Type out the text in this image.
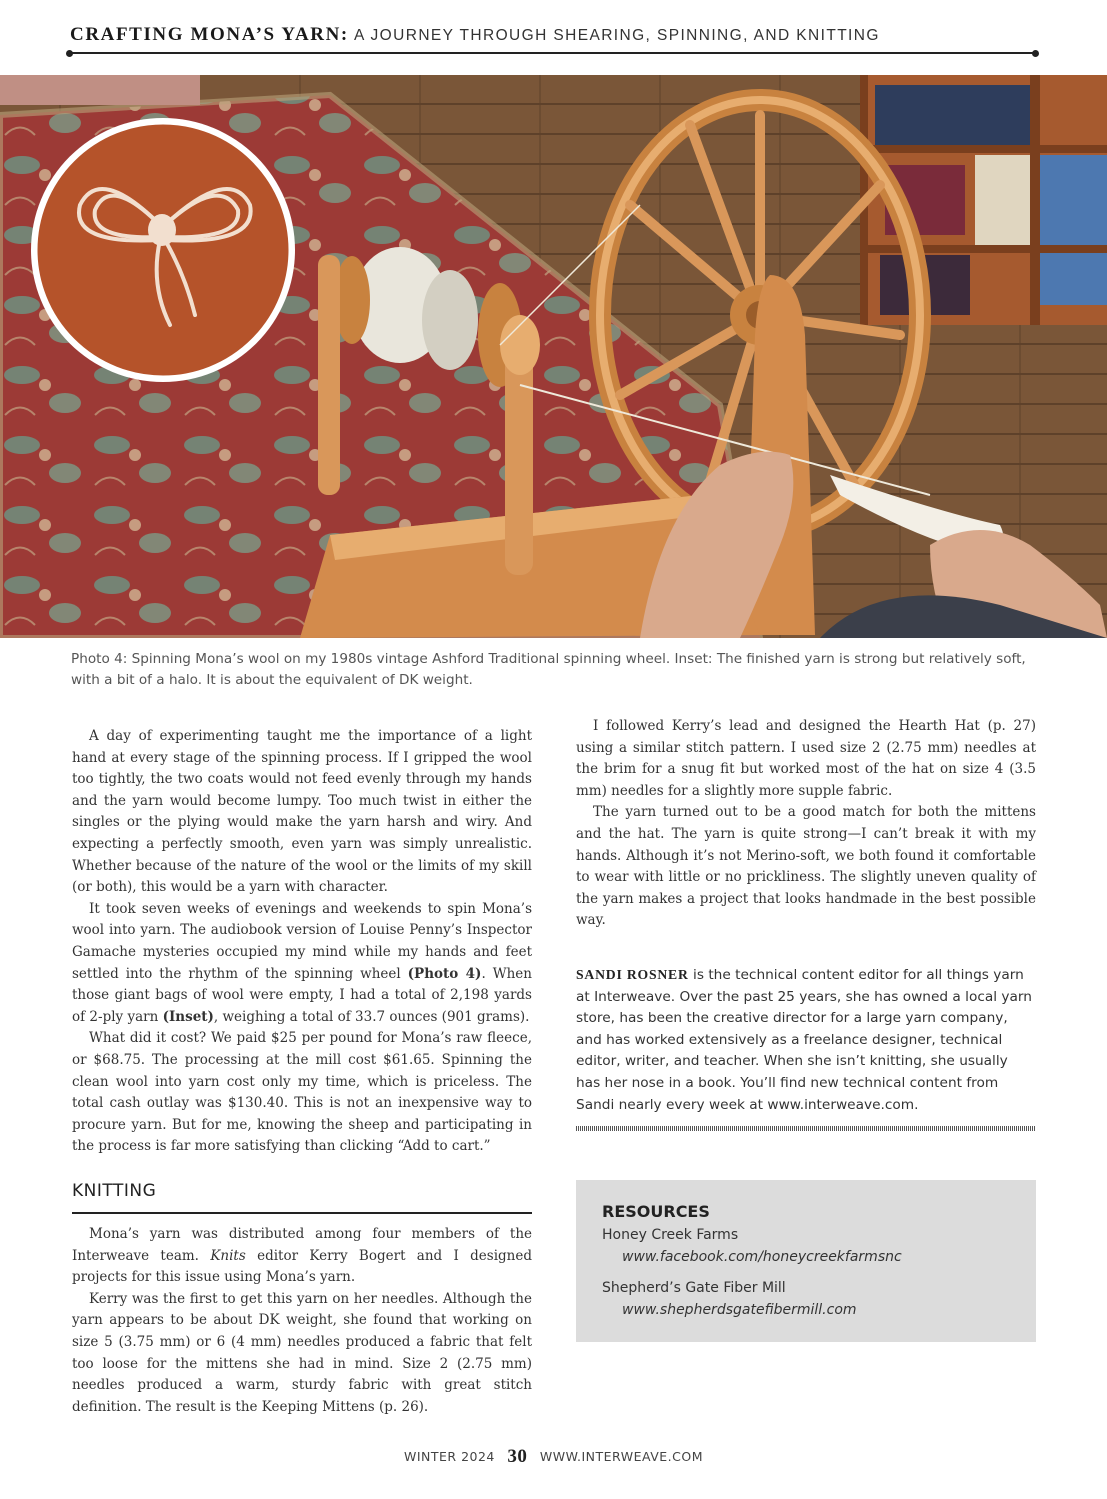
CRAFTING MONA’S YARN: A JOURNEY THROUGH SHEARING, SPINNING, AND KNITTING
Photo 4: Spinning Mona’s wool on my 1980s vintage Ashford Traditional spinning wheel. Inset: The finished yarn is strong but relatively soft, with a bit of a halo. It is about the equivalent of DK weight.

A day of experimenting taught me the importance of a light hand at every stage of the spinning process. If I gripped the wool too tightly, the two coats would not feed evenly through my hands and the yarn would become lumpy. Too much twist in either the singles or the plying would make the yarn harsh and wiry. And expecting a perfectly smooth, even yarn was simply unrealistic. Whether because of the nature of the wool or the limits of my skill (or both), this would be a yarn with character.

It took seven weeks of evenings and weekends to spin Mona’s wool into yarn. The audiobook version of Louise Penny’s Inspector Gamache mysteries occupied my mind while my hands and feet settled into the rhythm of the spinning wheel (Photo 4). When those giant bags of wool were empty, I had a total of 2,198 yards of 2-ply yarn (Inset), weighing a total of 33.7 ounces (901 grams).

What did it cost? We paid $25 per pound for Mona’s raw fleece, or $68.75. The processing at the mill cost $61.65. Spinning the clean wool into yarn cost only my time, which is priceless. The total cash outlay was $130.40. This is not an inexpensive way to procure yarn. But for me, knowing the sheep and participating in the process is far more satisfying than clicking “Add to cart.”

KNITTING

Mona’s yarn was distributed among four members of the Interweave team. Knits editor Kerry Bogert and I designed projects for this issue using Mona’s yarn.

Kerry was the first to get this yarn on her needles. Although the yarn appears to be about DK weight, she found that working on size 5 (3.75 mm) or 6 (4 mm) needles produced a fabric that felt too loose for the mittens she had in mind. Size 2 (2.75 mm) needles produced a warm, sturdy fabric with great stitch definition. The result is the Keeping Mittens (p. 26).

I followed Kerry’s lead and designed the Hearth Hat (p. 27) using a similar stitch pattern. I used size 2 (2.75 mm) needles at the brim for a snug fit but worked most of the hat on size 4 (3.5 mm) needles for a slightly more supple fabric.

The yarn turned out to be a good match for both the mittens and the hat. The yarn is quite strong—I can’t break it with my hands. Although it’s not Merino-soft, we both found it comfortable to wear with little or no prickliness. The slightly uneven quality of the yarn makes a project that looks handmade in the best possible way.

SANDI ROSNER is the technical content editor for all things yarn at Interweave. Over the past 25 years, she has owned a local yarn store, has been the creative director for a large yarn company, and has worked extensively as a freelance designer, technical editor, writer, and teacher. When she isn’t knitting, she usually has her nose in a book. You’ll find new technical content from Sandi nearly every week at www.interweave.com.
RESOURCES
Honey Creek Farms
www.facebook.com/honeycreekfarmsnc
Shepherd’s Gate Fiber Mill
www.shepherdsgatefibermill.com
WINTER 2024 30 WWW.INTERWEAVE.COM
